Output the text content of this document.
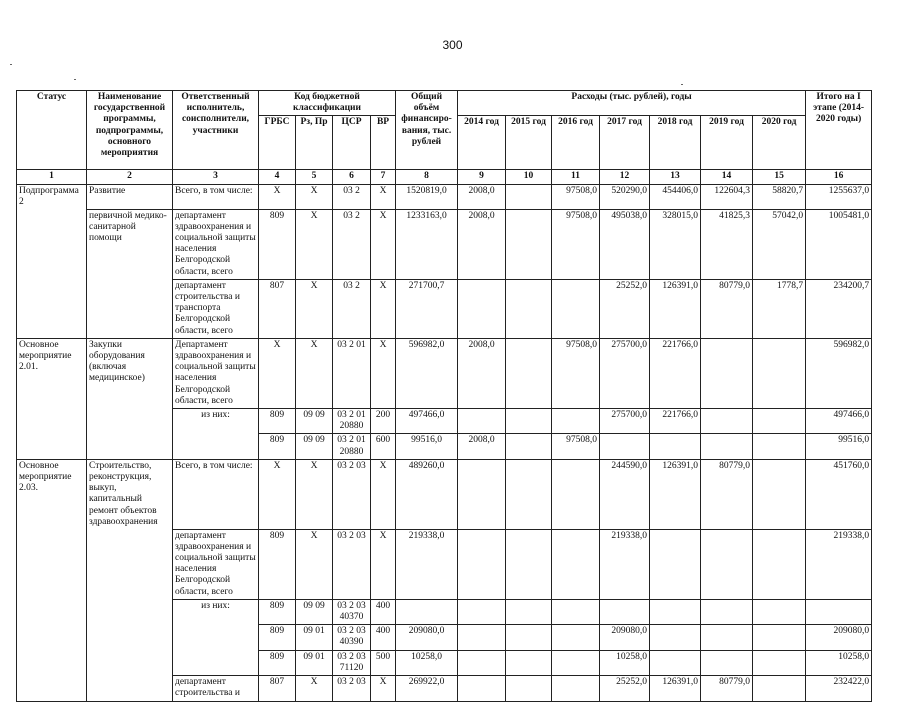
300
Статус	Наименование государственной программы, подпрограммы, основного мероприятия	Ответственный исполнитель, соисполнители, участники	Код бюджетной классификации				Общий объём финансиро-вания, тыс. рублей	Расходы (тыс. рублей), годы							Итого на I этапе (2014-2020 годы)
			ГРБС	Рз, Пр	ЦСР	ВР		2014 год	2015 год	2016 год	2017 год	2018 год	2019 год	2020 год	
1	2	3	4	5	6	7	8	9	10	11	12	13	14	15	16
Подпрограмма 2	Развитие	Всего, в том числе:	X	X	03 2	X	1520819,0	2008,0		97508,0	520290,0	454406,0	122604,3	58820,7	1255637,0
	первичной медико-санитарной помощи	департамент здравоохранения и социальной защиты населения Белгородской области, всего	809	X	03 2	X	1233163,0	2008,0		97508,0	495038,0	328015,0	41825,3	57042,0	1005481,0
		департамент строительства и транспорта Белгородской области, всего	807	X	03 2	X	271700,7				25252,0	126391,0	80779,0	1778,7	234200,7
Основное мероприятие 2.01.	Закупки оборудования (включая медицинское)	Департамент здравоохранения и социальной защиты населения Белгородской области, всего	X	X	03 2 01	X	596982,0	2008,0		97508,0	275700,0	221766,0			596982,0
		из них:	809	09 09	03 2 01 20880	200	497466,0				275700,0	221766,0			497466,0
			809	09 09	03 2 01 20880	600	99516,0	2008,0		97508,0					99516,0
Основное мероприятие 2.03.	Строительство, реконструкция, выкуп, капитальный ремонт объектов здравоохранения	Всего, в том числе:	X	X	03 2 03	X	489260,0				244590,0	126391,0	80779,0		451760,0
		департамент здравоохранения и социальной защиты населения Белгородской области, всего	809	X	03 2 03	X	219338,0				219338,0				219338,0
		из них:	809	09 09	03 2 03 40370	400									
			809	09 01	03 2 03 40390	400	209080,0				209080,0				209080,0
			809	09 01	03 2 03 71120	500	10258,0				10258,0				10258,0
		департамент строительства и	807	X	03 2 03	X	269922,0				25252,0	126391,0	80779,0		232422,0
